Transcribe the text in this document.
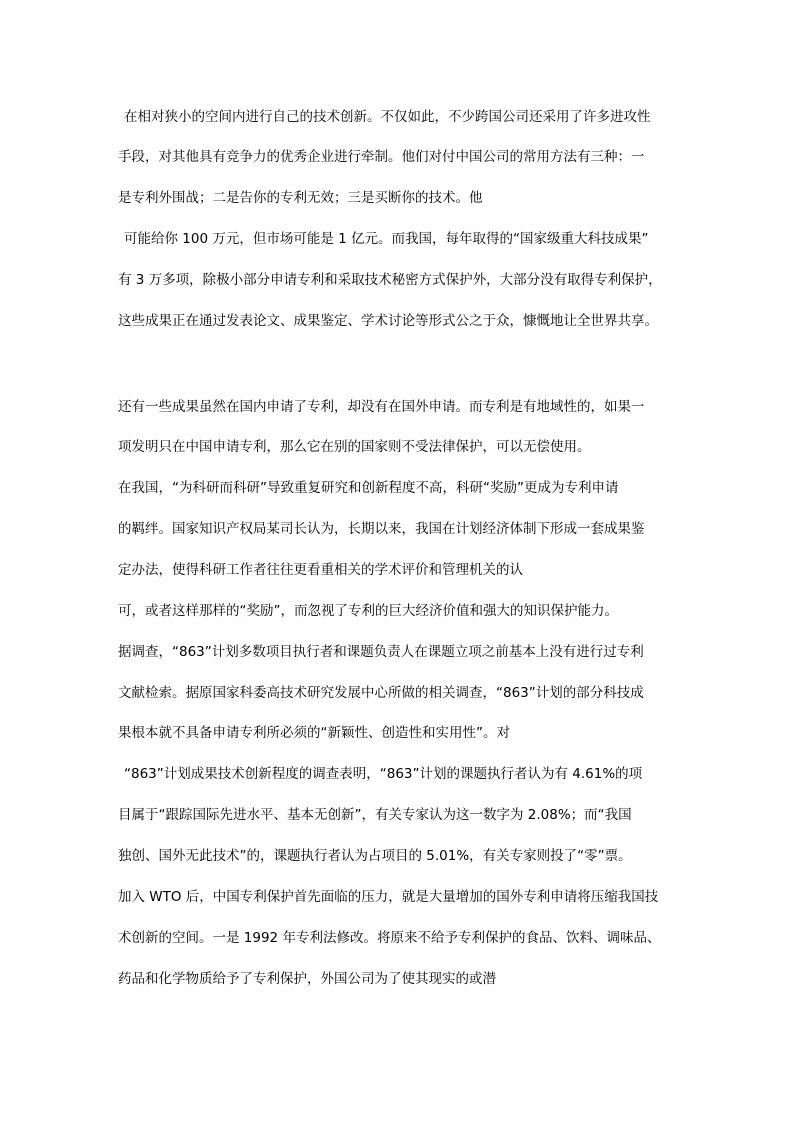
在相对狭小的空间内进行自己的技术创新。不仅如此，不少跨国公司还采用了许多进攻性
手段，对其他具有竞争力的优秀企业进行牵制。他们对付中国公司的常用方法有三种：一
是专利外围战；二是告你的专利无效；三是买断你的技术。他
可能给你 100 万元，但市场可能是 1 亿元。而我国，每年取得的“国家级重大科技成果”
有 3 万多项，除极小部分申请专利和采取技术秘密方式保护外，大部分没有取得专利保护，
这些成果正在通过发表论文、成果鉴定、学术讨论等形式公之于众，慷慨地让全世界共享。
还有一些成果虽然在国内申请了专利，却没有在国外申请。而专利是有地域性的，如果一
项发明只在中国申请专利，那么它在别的国家则不受法律保护，可以无偿使用。
在我国，“为科研而科研”导致重复研究和创新程度不高，科研“奖励”更成为专利申请
的羁绊。国家知识产权局某司长认为，长期以来，我国在计划经济体制下形成一套成果鉴
定办法，使得科研工作者往往更看重相关的学术评价和管理机关的认
可，或者这样那样的“奖励”，而忽视了专利的巨大经济价值和强大的知识保护能力。
据调查，“863”计划多数项目执行者和课题负责人在课题立项之前基本上没有进行过专利
文献检索。据原国家科委高技术研究发展中心所做的相关调查，“863”计划的部分科技成
果根本就不具备申请专利所必须的“新颖性、创造性和实用性”。对
“863”计划成果技术创新程度的调查表明，“863”计划的课题执行者认为有 4.61%的项
目属于“跟踪国际先进水平、基本无创新”，有关专家认为这一数字为 2.08%；而“我国
独创、国外无此技术”的，课题执行者认为占项目的 5.01%，有关专家则投了“零”票。
加入 WTO 后，中国专利保护首先面临的压力，就是大量增加的国外专利申请将压缩我国技
术创新的空间。一是 1992 年专利法修改。将原来不给予专利保护的食品、饮料、调味品、
药品和化学物质给予了专利保护，外国公司为了使其现实的或潜
